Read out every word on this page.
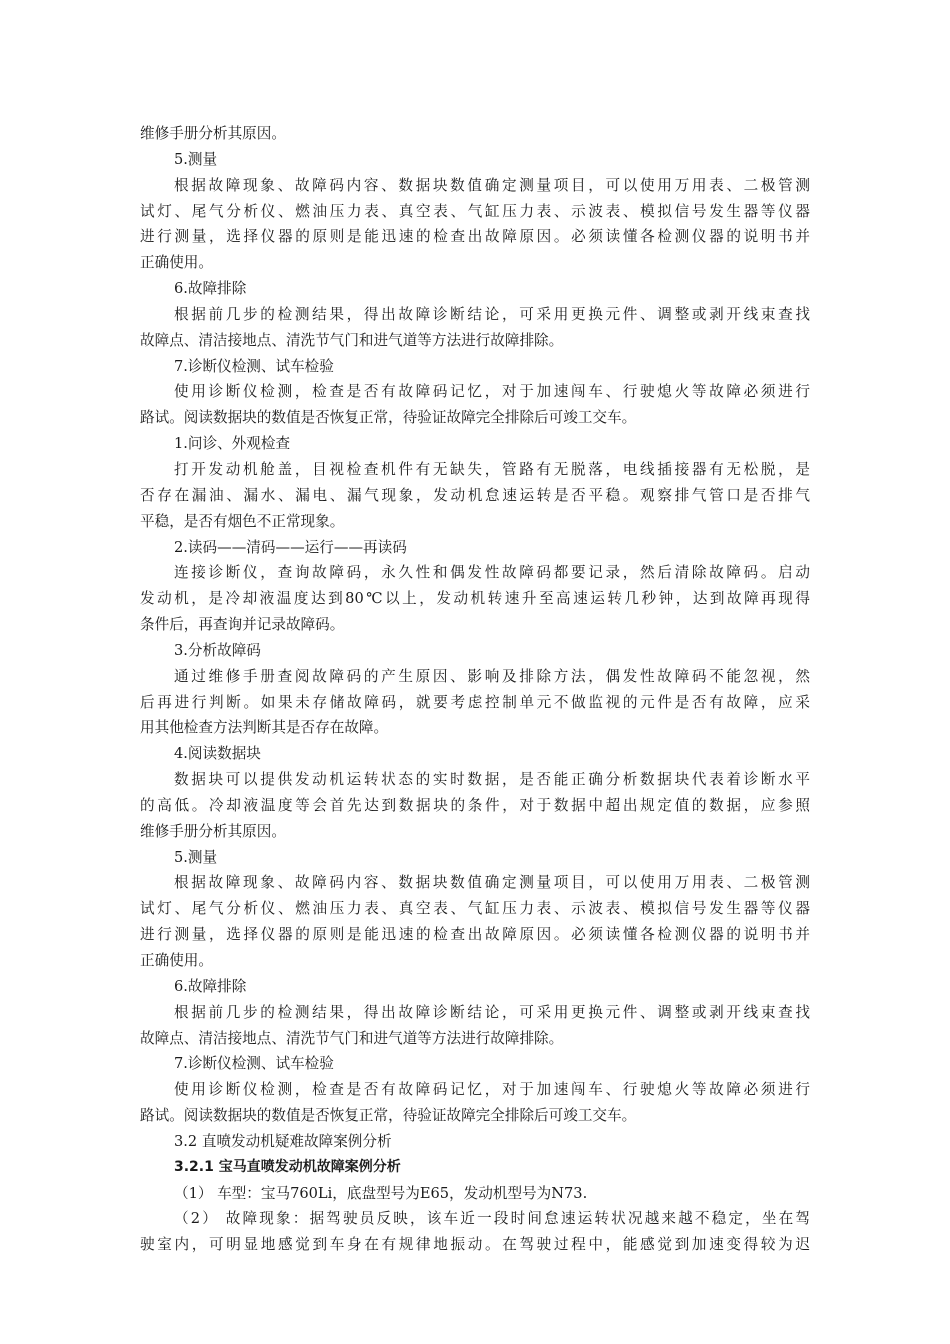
维修手册分析其原因。
5.测量
根据故障现象、故障码内容、数据块数值确定测量项目，可以使用万用表、二极管测
试灯、尾气分析仪、燃油压力表、真空表、气缸压力表、示波表、模拟信号发生器等仪器
进行测量，选择仪器的原则是能迅速的检查出故障原因。必须读懂各检测仪器的说明书并
正确使用。
6.故障排除
根据前几步的检测结果，得出故障诊断结论，可采用更换元件、调整或剥开线束查找
故障点、清洁接地点、清洗节气门和进气道等方法进行故障排除。
7.诊断仪检测、试车检验
使用诊断仪检测，检查是否有故障码记忆，对于加速闯车、行驶熄火等故障必须进行
路试。阅读数据块的数值是否恢复正常，待验证故障完全排除后可竣工交车。
1.问诊、外观检查
打开发动机舱盖，目视检查机件有无缺失，管路有无脱落，电线插接器有无松脱，是
否存在漏油、漏水、漏电、漏气现象，发动机怠速运转是否平稳。观察排气管口是否排气
平稳，是否有烟色不正常现象。
2.读码——清码——运行——再读码
连接诊断仪，查询故障码，永久性和偶发性故障码都要记录，然后清除故障码。启动
发动机，是冷却液温度达到80℃以上，发动机转速升至高速运转几秒钟，达到故障再现得
条件后，再查询并记录故障码。
3.分析故障码
通过维修手册查阅故障码的产生原因、影响及排除方法，偶发性故障码不能忽视，然
后再进行判断。如果未存储故障码，就要考虑控制单元不做监视的元件是否有故障，应采
用其他检查方法判断其是否存在故障。
4.阅读数据块
数据块可以提供发动机运转状态的实时数据，是否能正确分析数据块代表着诊断水平
的高低。冷却液温度等会首先达到数据块的条件，对于数据中超出规定值的数据，应参照
维修手册分析其原因。
5.测量
根据故障现象、故障码内容、数据块数值确定测量项目，可以使用万用表、二极管测
试灯、尾气分析仪、燃油压力表、真空表、气缸压力表、示波表、模拟信号发生器等仪器
进行测量，选择仪器的原则是能迅速的检查出故障原因。必须读懂各检测仪器的说明书并
正确使用。
6.故障排除
根据前几步的检测结果，得出故障诊断结论，可采用更换元件、调整或剥开线束查找
故障点、清洁接地点、清洗节气门和进气道等方法进行故障排除。
7.诊断仪检测、试车检验
使用诊断仪检测，检查是否有故障码记忆，对于加速闯车、行驶熄火等故障必须进行
路试。阅读数据块的数值是否恢复正常，待验证故障完全排除后可竣工交车。
3.2 直喷发动机疑难故障案例分析
3.2.1 宝马直喷发动机故障案例分析
（1） 车型：宝马760Li，底盘型号为E65，发动机型号为N73.
（2） 故障现象：据驾驶员反映，该车近一段时间怠速运转状况越来越不稳定，坐在驾
驶室内，可明显地感觉到车身在有规律地振动。在驾驶过程中，能感觉到加速变得较为迟
